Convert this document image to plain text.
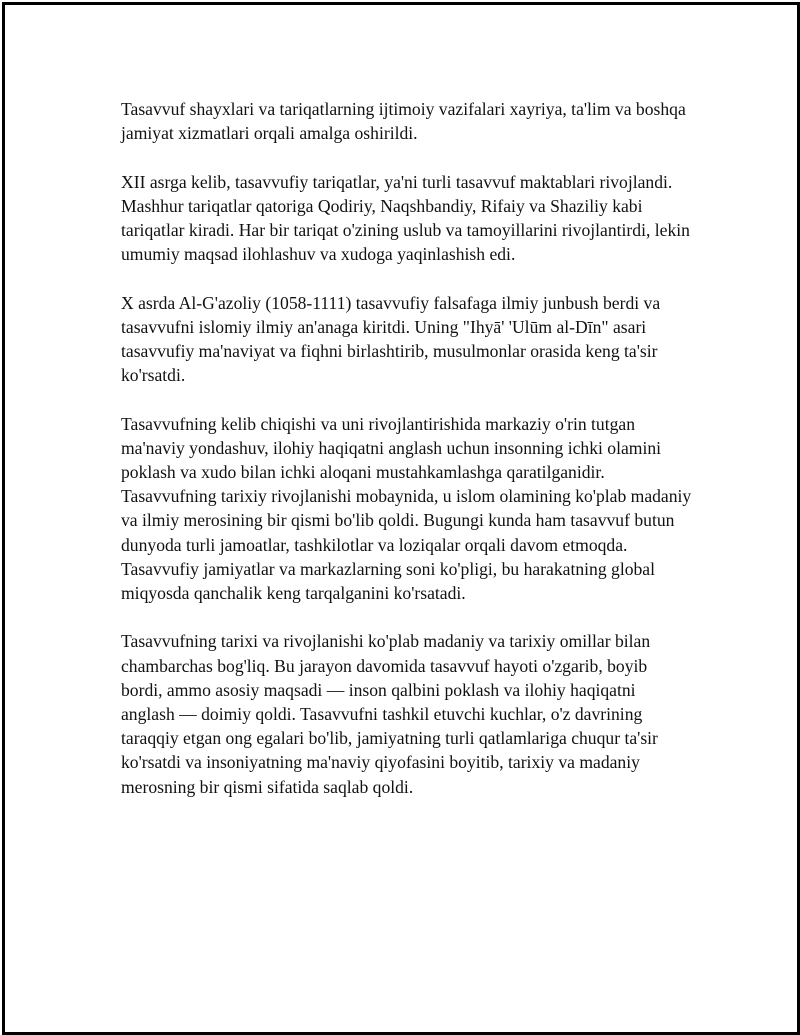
Tasavvuf shayxlari va tariqatlarning ijtimoiy vazifalari xayriya, ta'lim va boshqa jamiyat xizmatlari orqali amalga oshirildi.

XII asrga kelib, tasavvufiy tariqatlar, ya'ni turli tasavvuf maktablari rivojlandi. Mashhur tariqatlar qatoriga Qodiriy, Naqshbandiy, Rifaiy va Shaziliy kabi tariqatlar kiradi. Har bir tariqat o'zining uslub va tamoyillarini rivojlantirdi, lekin umumiy maqsad ilohlashuv va xudoga yaqinlashish edi.

X asrda Al-G'azoliy (1058-1111) tasavvufiy falsafaga ilmiy junbush berdi va tasavvufni islomiy ilmiy an'anaga kiritdi. Uning "Ihyā' 'Ulūm al-Dīn" asari tasavvufiy ma'naviyat va fiqhni birlashtirib, musulmonlar orasida keng ta'sir ko'rsatdi.

Tasavvufning kelib chiqishi va uni rivojlantirishida markaziy o'rin tutgan ma'naviy yondashuv, ilohiy haqiqatni anglash uchun insonning ichki olamini poklash va xudo bilan ichki aloqani mustahkamlashga qaratilganidir. Tasavvufning tarixiy rivojlanishi mobaynida, u islom olamining ko'plab madaniy va ilmiy merosining bir qismi bo'lib qoldi. Bugungi kunda ham tasavvuf butun dunyoda turli jamoatlar, tashkilotlar va loziqalar orqali davom etmoqda. Tasavvufiy jamiyatlar va markazlarning soni ko'pligi, bu harakatning global miqyosda qanchalik keng tarqalganini ko'rsatadi.

Tasavvufning tarixi va rivojlanishi ko'plab madaniy va tarixiy omillar bilan chambarchas bog'liq. Bu jarayon davomida tasavvuf hayoti o'zgarib, boyib bordi, ammo asosiy maqsadi — inson qalbini poklash va ilohiy haqiqatni anglash — doimiy qoldi. Tasavvufni tashkil etuvchi kuchlar, o'z davrining taraqqiy etgan ong egalari bo'lib, jamiyatning turli qatlamlariga chuqur ta'sir ko'rsatdi va insoniyatning ma'naviy qiyofasini boyitib, tarixiy va madaniy merosning bir qismi sifatida saqlab qoldi.
